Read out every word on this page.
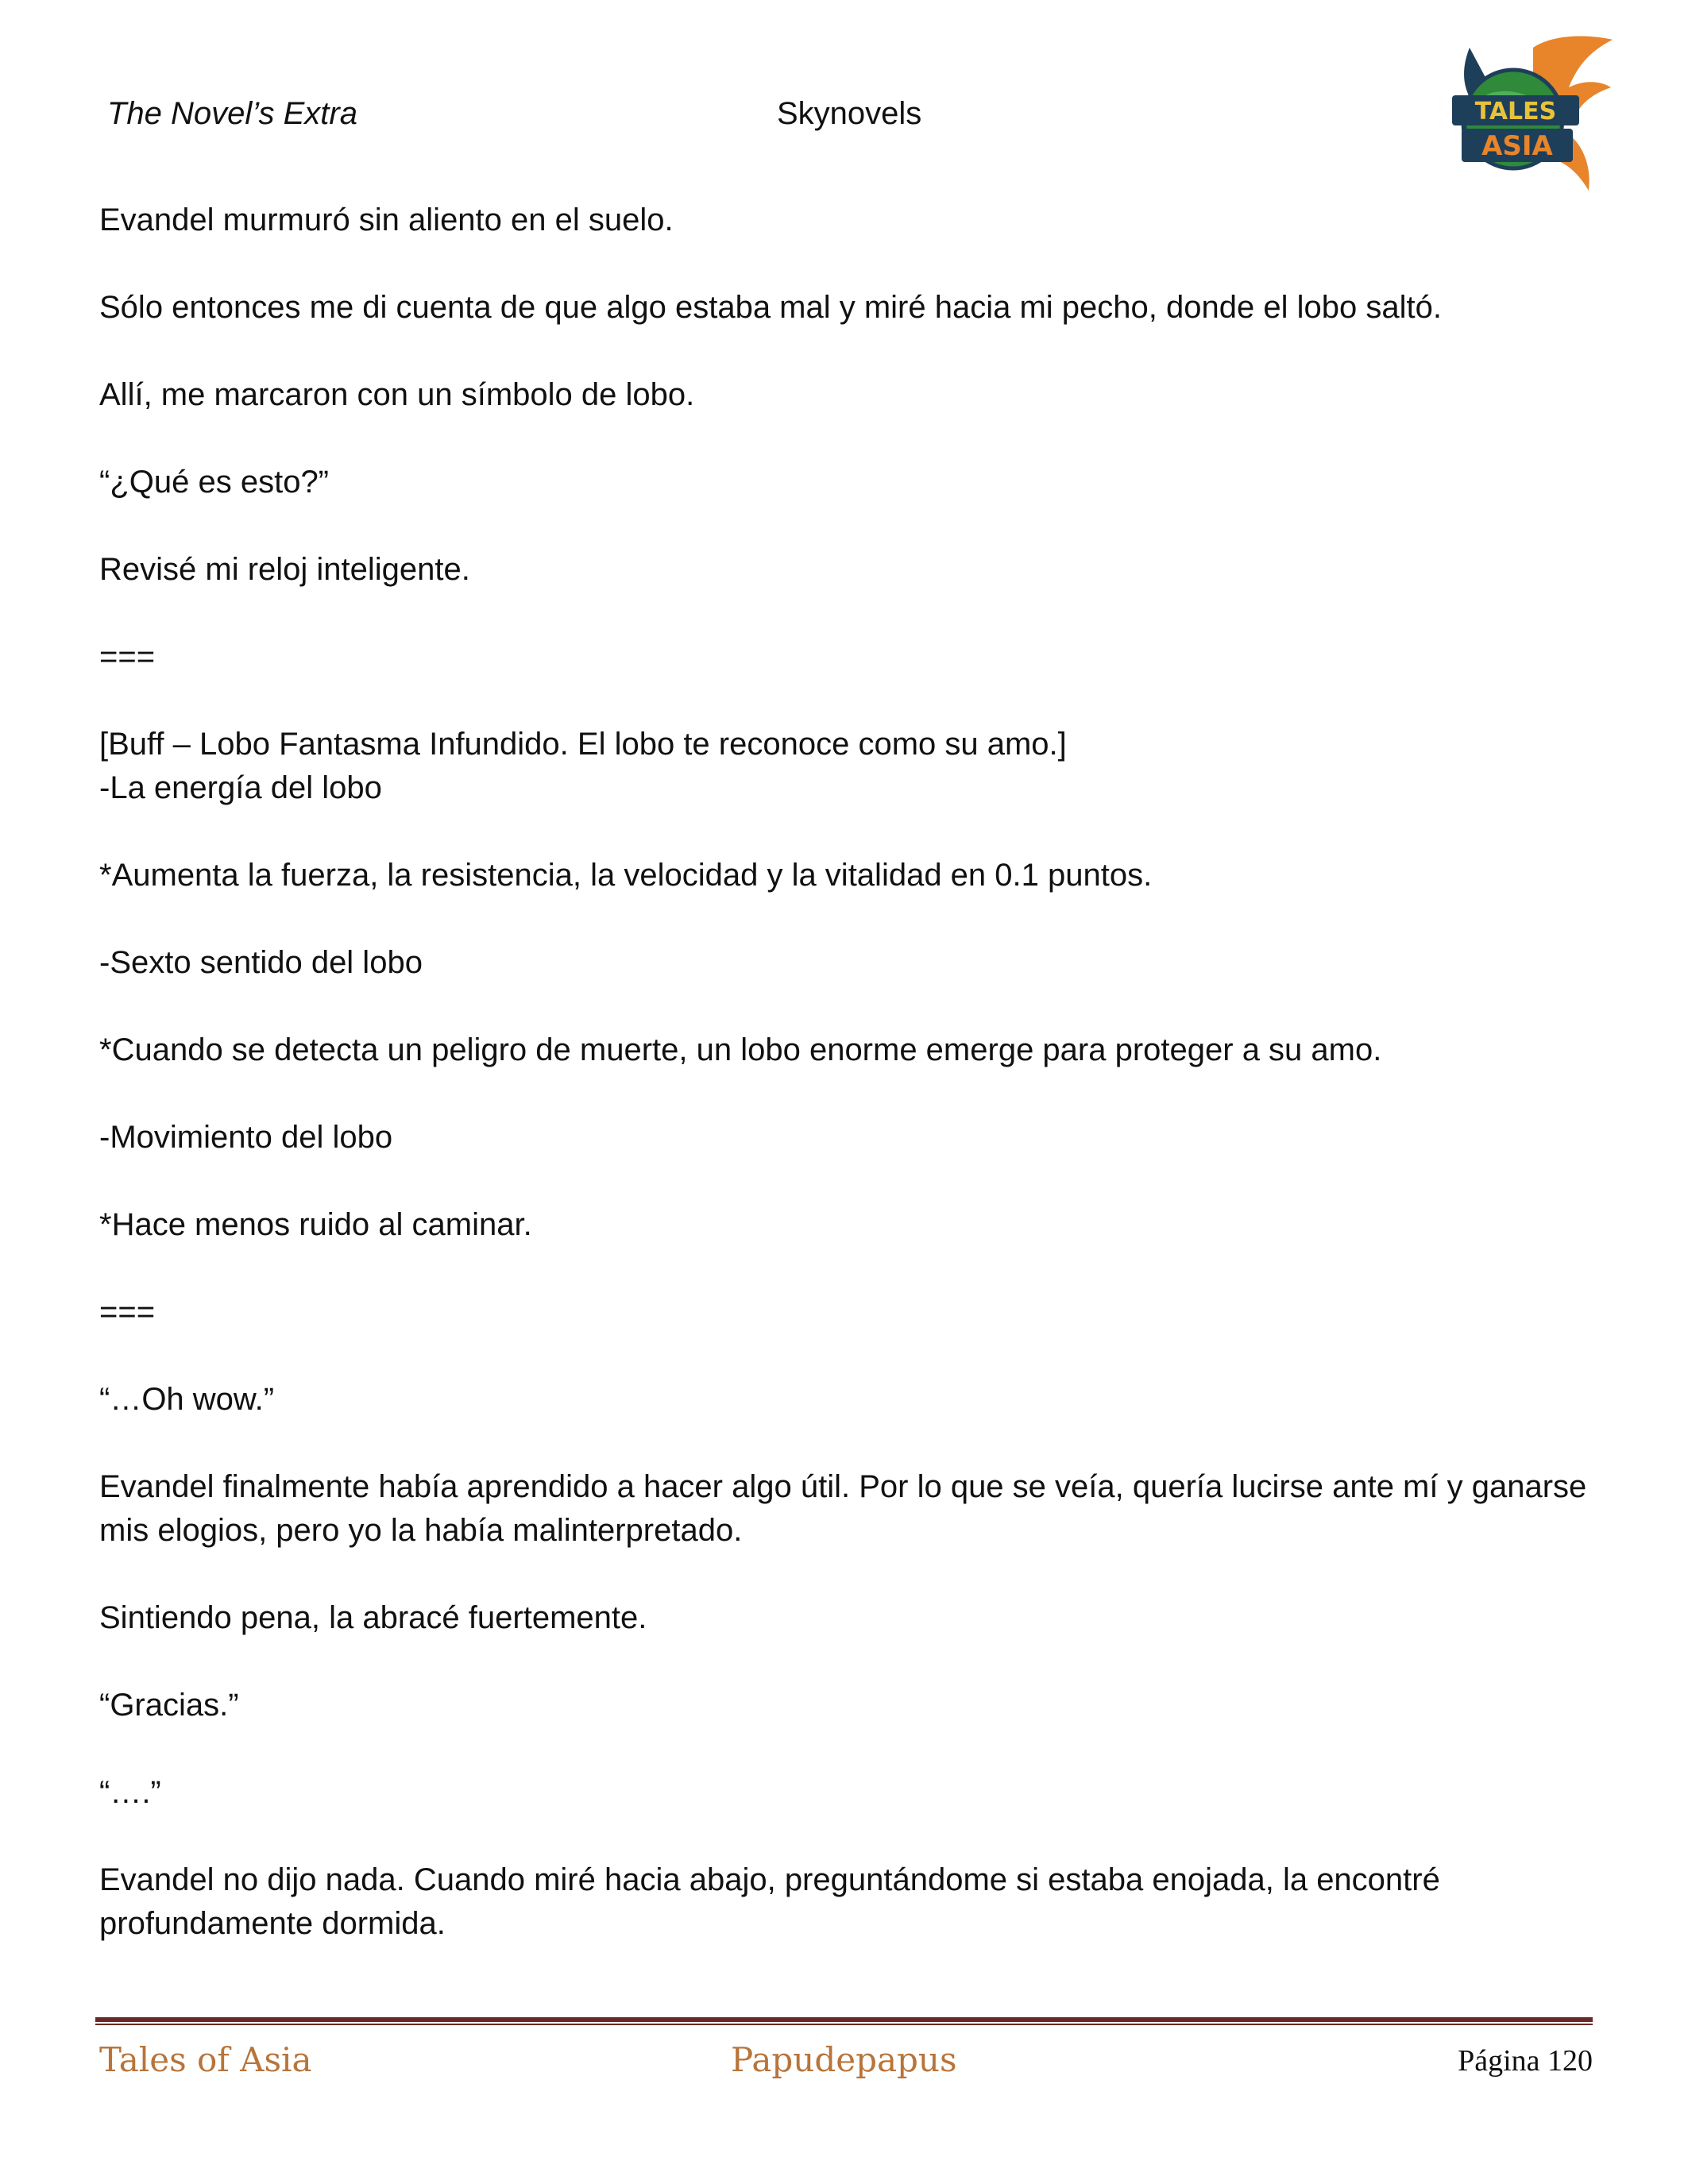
The Novel’s Extra	Skynovels	TALES
ASIA

Evandel murmuró sin aliento en el suelo.

Sólo entonces me di cuenta de que algo estaba mal y miré hacia mi pecho, donde el lobo saltó.

Allí, me marcaron con un símbolo de lobo.

“¿Qué es esto?”

Revisé mi reloj inteligente.

===

[Buff – Lobo Fantasma Infundido. El lobo te reconoce como su amo.]

-La energía del lobo

*Aumenta la fuerza, la resistencia, la velocidad y la vitalidad en 0.1 puntos.

-Sexto sentido del lobo

*Cuando se detecta un peligro de muerte, un lobo enorme emerge para proteger a su amo.

-Movimiento del lobo

*Hace menos ruido al caminar.

===

“…Oh wow.”

Evandel finalmente había aprendido a hacer algo útil. Por lo que se veía, quería lucirse ante mí y ganarse mis elogios, pero yo la había malinterpretado.

Sintiendo pena, la abracé fuertemente.

“Gracias.”

“….”

Evandel no dijo nada. Cuando miré hacia abajo, preguntándome si estaba enojada, la encontré profundamente dormida.

Tales of Asia	Papudepapus	Página 120
